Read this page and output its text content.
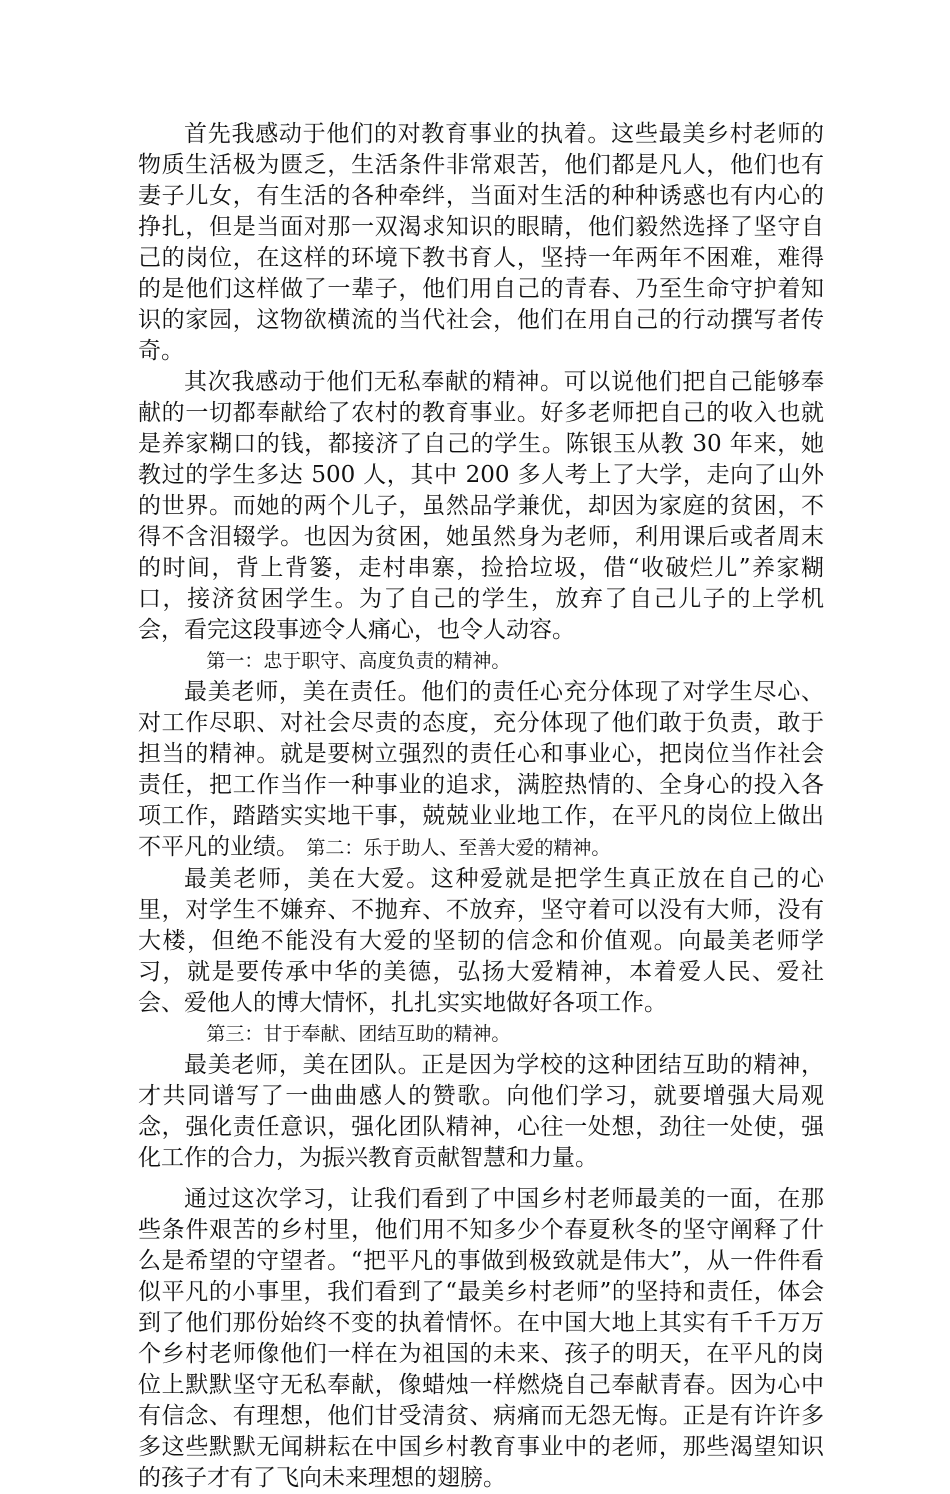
首先我感动于他们的对教育事业的执着。这些最美乡村老师的物质生活极为匮乏，生活条件非常艰苦，他们都是凡人，他们也有妻子儿女，有生活的各种牵绊，当面对生活的种种诱惑也有内心的挣扎，但是当面对那一双渴求知识的眼睛，他们毅然选择了坚守自己的岗位，在这样的环境下教书育人，坚持一年两年不困难，难得的是他们这样做了一辈子，他们用自己的青春、乃至生命守护着知识的家园，这物欲横流的当代社会，他们在用自己的行动撰写者传奇。

其次我感动于他们无私奉献的精神。可以说他们把自己能够奉献的一切都奉献给了农村的教育事业。好多老师把自己的收入也就是养家糊口的钱，都接济了自己的学生。陈银玉从教 30 年来，她教过的学生多达 500 人，其中 200 多人考上了大学，走向了山外的世界。而她的两个儿子，虽然品学兼优，却因为家庭的贫困，不得不含泪辍学。也因为贫困，她虽然身为老师，利用课后或者周末的时间，背上背篓，走村串寨，捡拾垃圾，借“收破烂儿”养家糊口，接济贫困学生。为了自己的学生，放弃了自己儿子的上学机会，看完这段事迹令人痛心，也令人动容。

第一：忠于职守、高度负责的精神。

最美老师，美在责任。他们的责任心充分体现了对学生尽心、对工作尽职、对社会尽责的态度，充分体现了他们敢于负责，敢于担当的精神。就是要树立强烈的责任心和事业心，把岗位当作社会责任，把工作当作一种事业的追求，满腔热情的、全身心的投入各项工作，踏踏实实地干事，兢兢业业地工作，在平凡的岗位上做出不平凡的业绩。 第二：乐于助人、至善大爱的精神。

最美老师，美在大爱。这种爱就是把学生真正放在自己的心里，对学生不嫌弃、不抛弃、不放弃，坚守着可以没有大师，没有大楼，但绝不能没有大爱的坚韧的信念和价值观。向最美老师学习，就是要传承中华的美德，弘扬大爱精神，本着爱人民、爱社会、爱他人的博大情怀，扎扎实实地做好各项工作。

第三：甘于奉献、团结互助的精神。

最美老师，美在团队。正是因为学校的这种团结互助的精神，才共同谱写了一曲曲感人的赞歌。向他们学习，就要增强大局观念，强化责任意识，强化团队精神，心往一处想，劲往一处使，强化工作的合力，为振兴教育贡献智慧和力量。

通过这次学习，让我们看到了中国乡村老师最美的一面，在那些条件艰苦的乡村里，他们用不知多少个春夏秋冬的坚守阐释了什么是希望的守望者。“把平凡的事做到极致就是伟大”，从一件件看似平凡的小事里，我们看到了“最美乡村老师”的坚持和责任，体会到了他们那份始终不变的执着情怀。在中国大地上其实有千千万万个乡村老师像他们一样在为祖国的未来、孩子的明天，在平凡的岗位上默默坚守无私奉献，像蜡烛一样燃烧自己奉献青春。因为心中有信念、有理想，他们甘受清贫、病痛而无怨无悔。正是有许许多多这些默默无闻耕耘在中国乡村教育事业中的老师，那些渴望知识的孩子才有了飞向未来理想的翅膀。
